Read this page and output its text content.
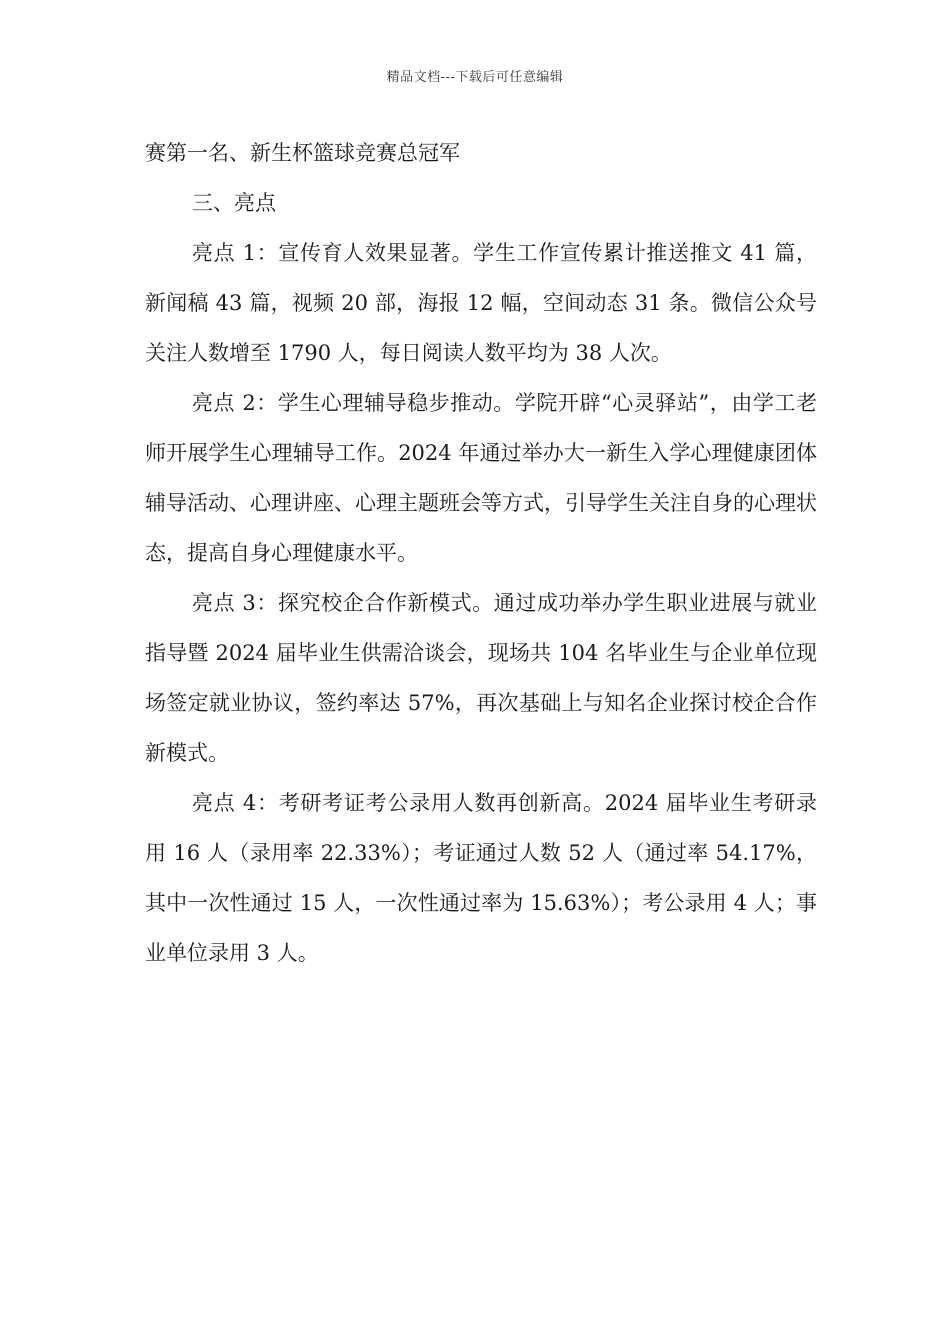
精品文档---下载后可任意编辑

赛第一名、新生杯篮球竞赛总冠军

三、亮点

亮点 1：宣传育人效果显著。学生工作宣传累计推送推文 41 篇，新闻稿 43 篇，视频 20 部，海报 12 幅，空间动态 31 条。微信公众号关注人数增至 1790 人，每日阅读人数平均为 38 人次。

亮点 2：学生心理辅导稳步推动。学院开辟“心灵驿站”，由学工老师开展学生心理辅导工作。2024 年通过举办大一新生入学心理健康团体辅导活动、心理讲座、心理主题班会等方式，引导学生关注自身的心理状态，提高自身心理健康水平。

亮点 3：探究校企合作新模式。通过成功举办学生职业进展与就业指导暨 2024 届毕业生供需洽谈会，现场共 104 名毕业生与企业单位现场签定就业协议，签约率达 57%，再次基础上与知名企业探讨校企合作新模式。

亮点 4：考研考证考公录用人数再创新高。2024 届毕业生考研录用 16 人（录用率 22.33%）；考证通过人数 52 人（通过率 54.17%，其中一次性通过 15 人，一次性通过率为 15.63%）；考公录用 4 人；事业单位录用 3 人。
